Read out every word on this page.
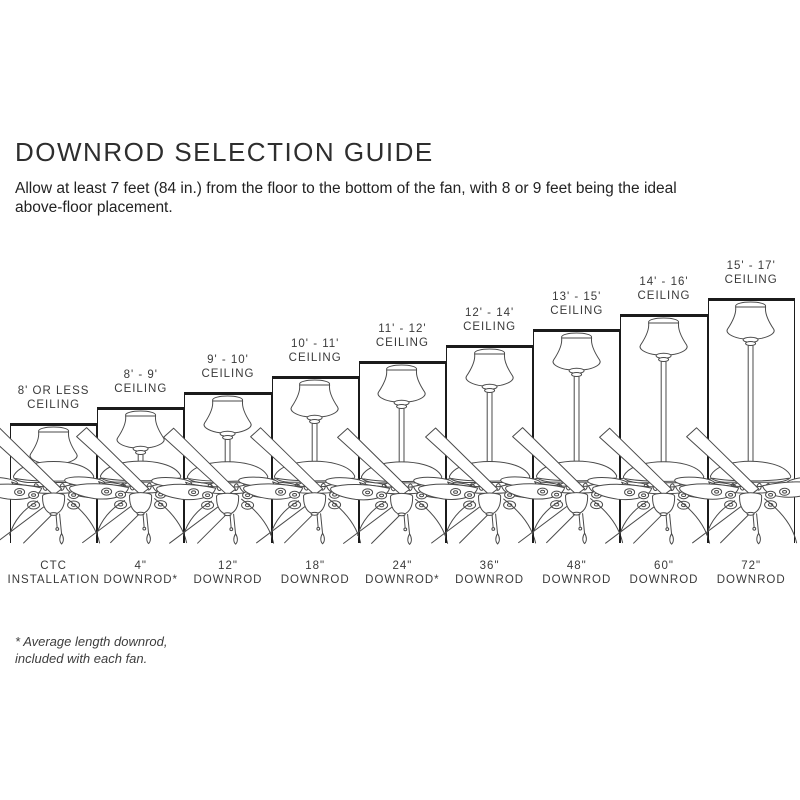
DOWNROD SELECTION GUIDE
Allow at least 7 feet (84 in.) from the floor to the bottom of the fan, with 8 or 9 feet being the ideal
above-floor placement.
8' OR LESS
CEILING
CTC
INSTALLATION
8' - 9'
CEILING
4"
DOWNROD*
9' - 10'
CEILING
12"
DOWNROD
10' - 11'
CEILING
18"
DOWNROD
11' - 12'
CEILING
24"
DOWNROD*
12' - 14'
CEILING
36"
DOWNROD
13' - 15'
CEILING
48"
DOWNROD
14' - 16'
CEILING
60"
DOWNROD
15' - 17'
CEILING
72"
DOWNROD
* Average length downrod,
included with each fan.
